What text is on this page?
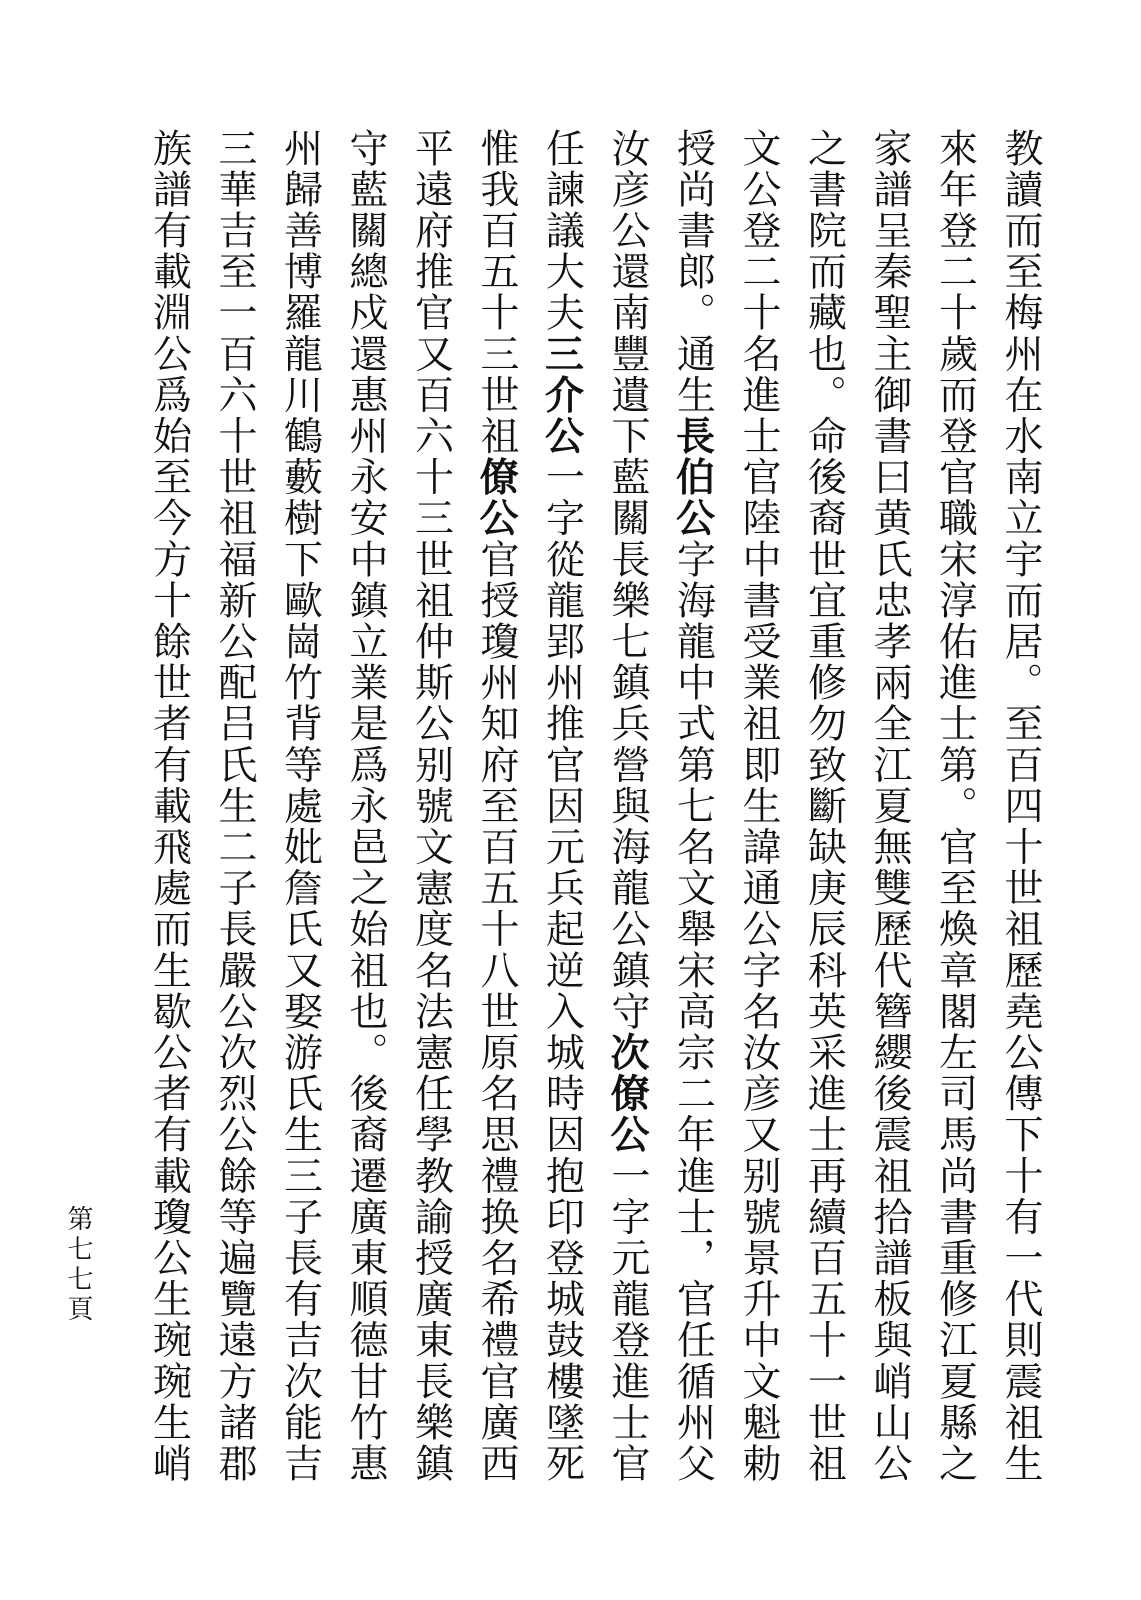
教讀而至梅州在水南立宇而居。至百四十世祖歷堯公傳下十有一代則震祖生
來年登二十歲而登官職宋淳佑進士第。官至煥章閣左司馬尚書重修江夏縣之
家譜呈秦聖主御書曰黄氏忠孝兩全江夏無雙歷代簪纓後震祖拾譜板與峭山公
之書院而藏也。命後裔世宜重修勿致斷缺庚辰科英采進士再續百五十一世祖
文公登二十名進士官陸中書受業祖即生諱通公字名汝彦又别號景升中文魁勅
授尚書郎。通生長伯公字海龍中式第七名文舉宋高宗二年進士，官任循州父
汝彦公還南豐遺下藍關長樂七鎮兵營與海龍公鎮守次僚公一字元龍登進士官
任諫議大夫三介公一字從龍郢州推官因元兵起逆入城時因抱印登城鼓樓墜死
惟我百五十三世祖僚公官授瓊州知府至百五十八世原名思禮换名希禮官廣西
平遠府推官又百六十三世祖仲斯公别號文憲度名法憲任學教諭授廣東長樂鎮
守藍關總戍還惠州永安中鎮立業是爲永邑之始祖也。後裔遷廣東順德甘竹惠
州歸善博羅龍川鶴藪樹下歐崗竹背等處妣詹氏又娶游氏生三子長有吉次能吉
三華吉至一百六十世祖福新公配吕氏生二子長嚴公次烈公餘等遍覽遠方諸郡
族譜有載淵公爲始至今方十餘世者有載飛處而生歇公者有載瓊公生琬琬生峭
第七七頁
